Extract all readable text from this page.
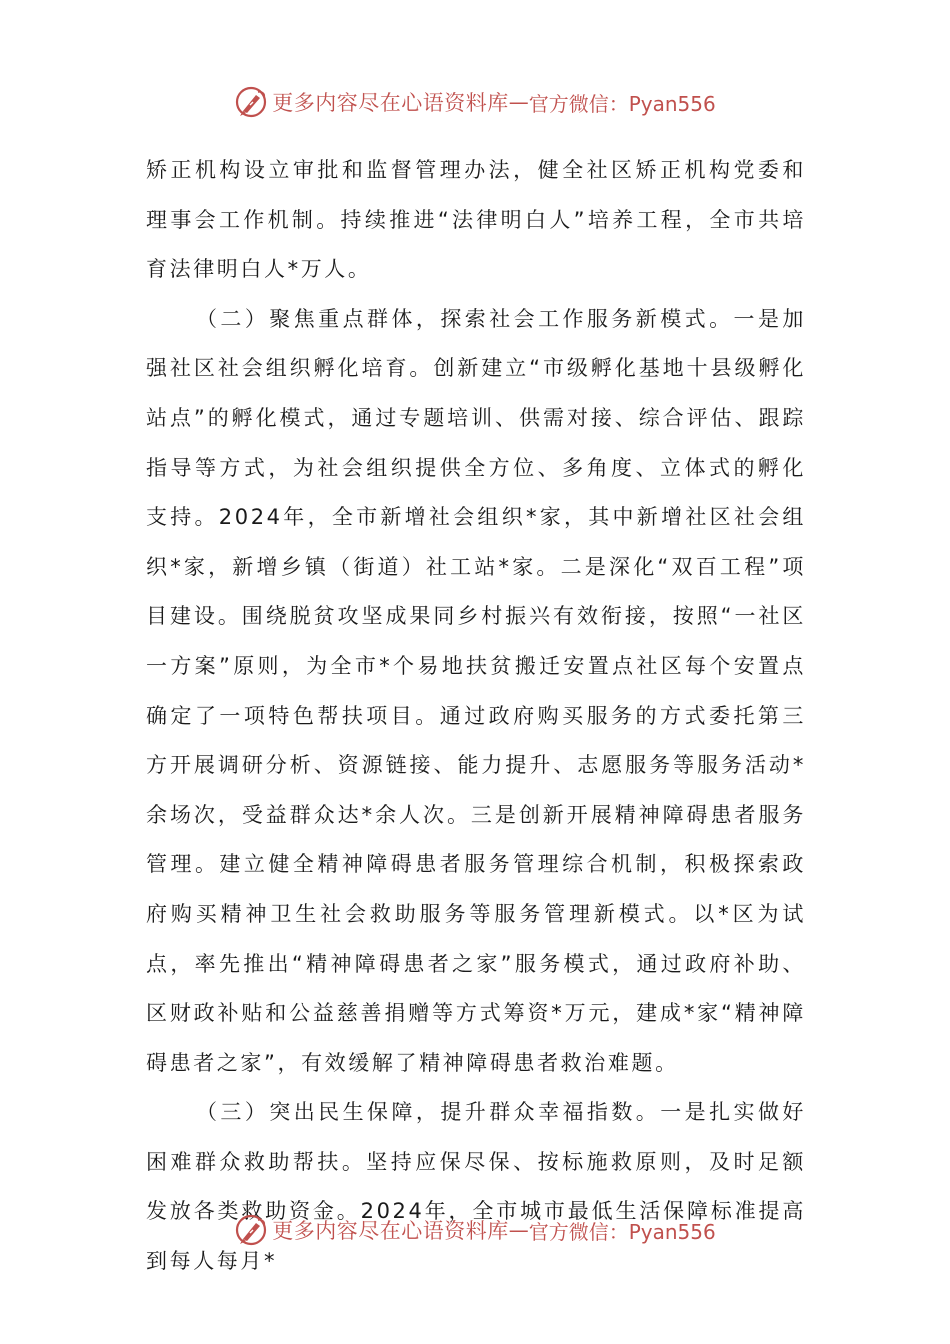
更多内容尽在心语资料库 — 官方微信：Pyan556

矫正机构设立审批和监督管理办法，健全社区矫正机构党委和理事会工作机制。持续推进“法律明白人”培养工程，全市共培育法律明白人*万人。

（二）聚焦重点群体，探索社会工作服务新模式。一是加强社区社会组织孵化培育。创新建立“市级孵化基地十县级孵化站点”的孵化模式，通过专题培训、供需对接、综合评估、跟踪指导等方式，为社会组织提供全方位、多角度、立体式的孵化支持。2024年，全市新增社会组织*家，其中新增社区社会组织*家，新增乡镇（街道）社工站*家。二是深化“双百工程”项目建设。围绕脱贫攻坚成果同乡村振兴有效衔接，按照“一社区一方案”原则，为全市*个易地扶贫搬迁安置点社区每个安置点确定了一项特色帮扶项目。通过政府购买服务的方式委托第三方开展调研分析、资源链接、能力提升、志愿服务等服务活动*余场次，受益群众达*余人次。三是创新开展精神障碍患者服务管理。建立健全精神障碍患者服务管理综合机制，积极探索政府购买精神卫生社会救助服务等服务管理新模式。以*区为试点，率先推出“精神障碍患者之家”服务模式，通过政府补助、区财政补贴和公益慈善捐赠等方式筹资*万元，建成*家“精神障碍患者之家”，有效缓解了精神障碍患者救治难题。

（三）突出民生保障，提升群众幸福指数。一是扎实做好困难群众救助帮扶。坚持应保尽保、按标施救原则，及时足额发放各类救助资金。2024年，全市城市最低生活保障标准提高到每人每月*

更多内容尽在心语资料库 — 官方微信：Pyan556
